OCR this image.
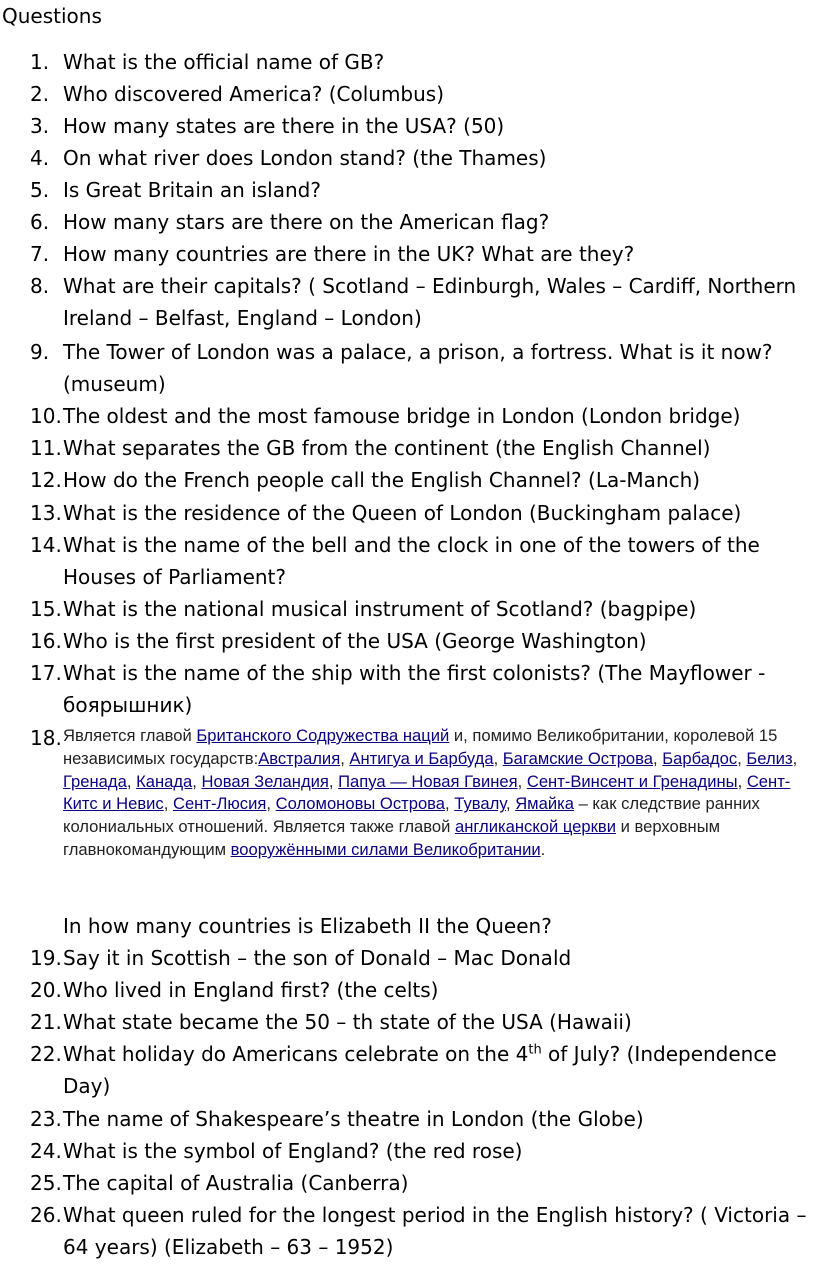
Questions
1. What is the official name of GB?
2. Who discovered America? (Columbus)
3. How many states are there in the USA? (50)
4. On what river does London stand? (the Thames)
5. Is Great Britain an island?
6. How many stars are there on the American flag?
7. How many countries are there in the UK? What are they?
8. What are their capitals? ( Scotland – Edinburgh, Wales – Cardiff, Northern Ireland – Belfast, England – London)
9. The Tower of London was a palace, a prison, a fortress. What is it now? (museum)
10. The oldest and the most famouse bridge in London (London bridge)
11. What separates the GB from the continent (the English Channel)
12. How do the French people call the English Channel? (La-Manch)
13. What is the residence of the Queen of London (Buckingham palace)
14. What is the name of the bell and the clock in one of the towers of the Houses of Parliament?
15. What is the national musical instrument of Scotland? (bagpipe)
16. Who is the first president of the USA (George Washington)
17. What is the name of the ship with the first colonists? (The Mayflower - боярышник)
18. Является главой Британского Содружества наций и, помимо Великобритании, королевой 15 независимых государств:Австралия, Антигуа и Барбуда, Багамские Острова, Барбадос, Белиз, Гренада, Канада, Новая Зеландия, Папуа — Новая Гвинея, Сент-Винсент и Гренадины, Сент-Китс и Невис, Сент-Люсия, Соломоновы Острова, Тувалу, Ямайка – как следствие ранних колониальных отношений. Является также главой англиканской церкви и верховным главнокомандующим вооружёнными силами Великобритании.
In how many countries is Elizabeth II the Queen?
19. Say it in Scottish – the son of Donald – Mac Donald
20. Who lived in England first? (the celts)
21. What state became the 50 – th state of the USA (Hawaii)
22. What holiday do Americans celebrate on the 4th of July? (Independence Day)
23. The name of Shakespeare’s theatre in London (the Globe)
24. What is the symbol of England? (the red rose)
25. The capital of Australia (Canberra)
26. What queen ruled for the longest period in the English history? ( Victoria – 64 years) (Elizabeth – 63 – 1952)
